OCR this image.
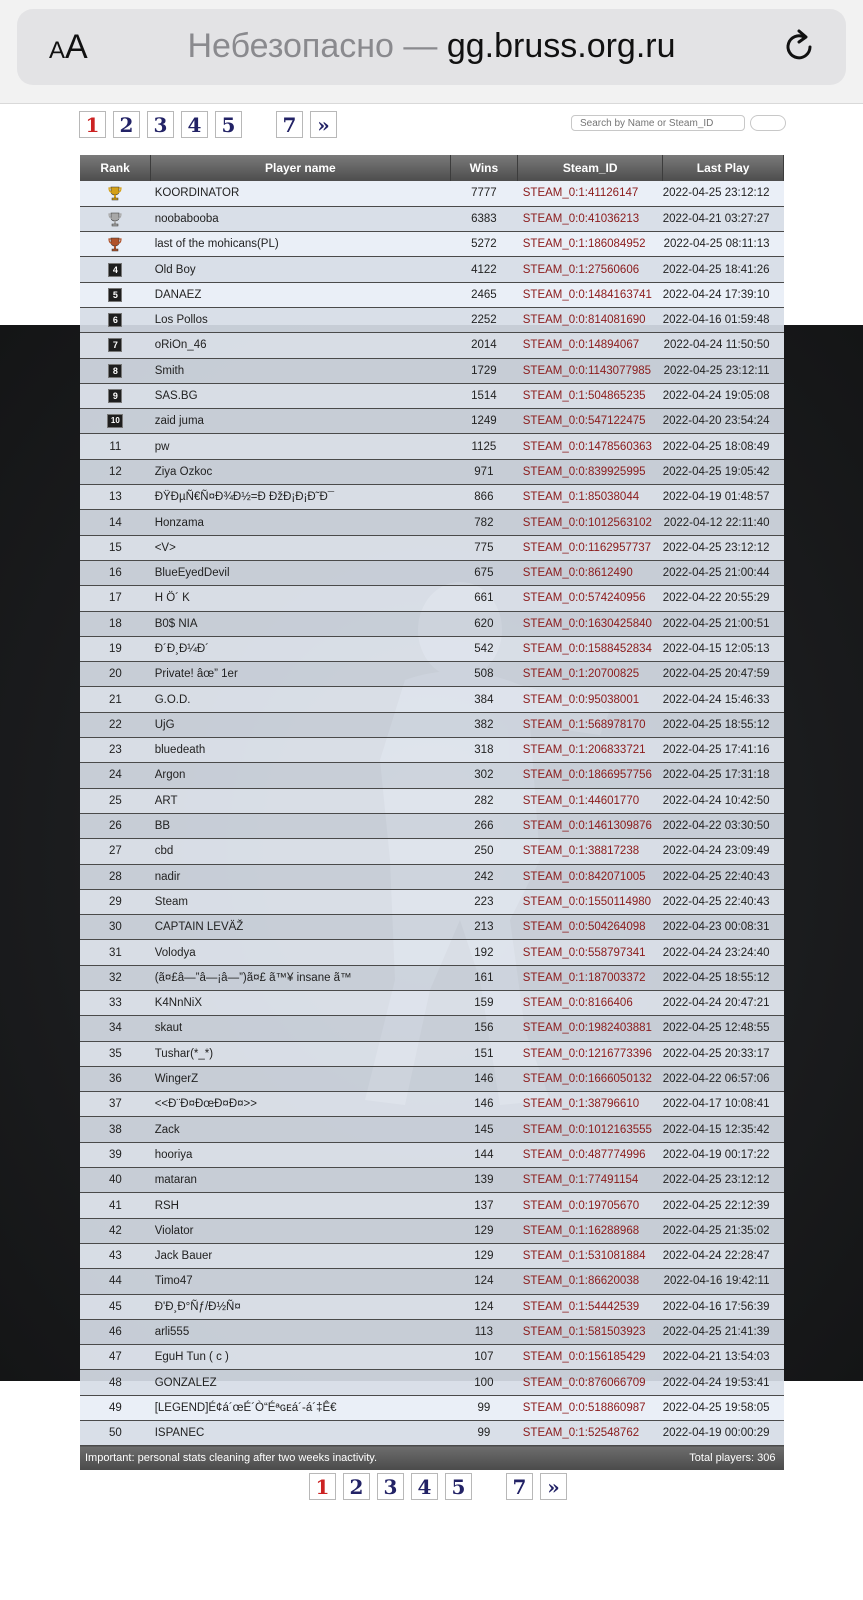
AA	Небезопасно — gg.bruss.org.ru
1	2	3	4	5	7	»
Search by Name or Steam_ID
Rank	Player name	Wins	Steam_ID	Last Play
	KOORDINATOR	7777	STEAM_0:1:41126147	2022-04-25 23:12:12
	noobabooba	6383	STEAM_0:0:41036213	2022-04-21 03:27:27
	last of the mohicans(PL)	5272	STEAM_0:1:186084952	2022-04-25 08:11:13
4	Old Boy	4122	STEAM_0:1:27560606	2022-04-25 18:41:26
5	DANAEZ	2465	STEAM_0:0:1484163741	2022-04-24 17:39:10
6	Los Pollos	2252	STEAM_0:0:814081690	2022-04-16 01:59:48
7	oRiOn_46	2014	STEAM_0:0:14894067	2022-04-24 11:50:50
8	Smith	1729	STEAM_0:0:1143077985	2022-04-25 23:12:11
9	SAS.BG	1514	STEAM_0:1:504865235	2022-04-24 19:05:08
10	zaid juma	1249	STEAM_0:0:547122475	2022-04-20 23:54:24
11	pw	1125	STEAM_0:0:1478560363	2022-04-25 18:08:49
12	Ziya Ozkoc	971	STEAM_0:0:839925995	2022-04-25 19:05:42
13	ÐŸÐµÑ€Ñ¤Ð¾Ð½=Ð ÐžÐ¡Ð¡Ð˜Ð¯	866	STEAM_0:1:85038044	2022-04-19 01:48:57
14	Honzama	782	STEAM_0:0:1012563102	2022-04-12 22:11:40
15	<V>	775	STEAM_0:0:1162957737	2022-04-25 23:12:12
16	BlueEyedDevil	675	STEAM_0:0:8612490	2022-04-25 21:00:44
17	H Ö´ K	661	STEAM_0:0:574240956	2022-04-22 20:55:29
18	B0$ NIA	620	STEAM_0:0:1630425840	2022-04-25 21:00:51
19	Ð´Ð¸Ð¼Ð´	542	STEAM_0:0:1588452834	2022-04-15 12:05:13
20	Private! âœ” 1er	508	STEAM_0:1:20700825	2022-04-25 20:47:59
21	G.O.D.	384	STEAM_0:0:95038001	2022-04-24 15:46:33
22	UjG	382	STEAM_0:1:568978170	2022-04-25 18:55:12
23	bluedeath	318	STEAM_0:1:206833721	2022-04-25 17:41:16
24	Argon	302	STEAM_0:0:1866957756	2022-04-25 17:31:18
25	ART	282	STEAM_0:1:44601770	2022-04-24 10:42:50
26	BB	266	STEAM_0:0:1461309876	2022-04-22 03:30:50
27	cbd	250	STEAM_0:1:38817238	2022-04-24 23:09:49
28	nadir	242	STEAM_0:0:842071005	2022-04-25 22:40:43
29	Steam	223	STEAM_0:0:1550114980	2022-04-25 22:40:43
30	CAPTAIN LEVÄŽ	213	STEAM_0:0:504264098	2022-04-23 00:08:31
31	Volodya	192	STEAM_0:0:558797341	2022-04-24 23:24:40
32	(ã¤£â—”â—¡â—”)ã¤£ ã™¥ insane ã™	161	STEAM_0:1:187003372	2022-04-25 18:55:12
33	K4NnNiX	159	STEAM_0:0:8166406	2022-04-24 20:47:21
34	skaut	156	STEAM_0:0:1982403881	2022-04-25 12:48:55
35	Tushar(*_*)	151	STEAM_0:0:1216773396	2022-04-25 20:33:17
36	WingerZ	146	STEAM_0:0:1666050132	2022-04-22 06:57:06
37	<<Ð¨Ð¤ÐœÐ¤Ð¤>>	146	STEAM_0:1:38796610	2022-04-17 10:08:41
38	Zack	145	STEAM_0:0:1012163555	2022-04-15 12:35:42
39	hooriya	144	STEAM_0:0:487774996	2022-04-19 00:17:22
40	mataran	139	STEAM_0:1:77491154	2022-04-25 23:12:12
41	RSH	137	STEAM_0:0:19705670	2022-04-25 22:12:39
42	Violator	129	STEAM_0:1:16288968	2022-04-25 21:35:02
43	Jack Bauer	129	STEAM_0:1:531081884	2022-04-24 22:28:47
44	Timo47	124	STEAM_0:1:86620038	2022-04-16 19:42:11
45	Ð'Ð¸Ð°Ñƒ/Ð½Ñ¤	124	STEAM_0:1:54442539	2022-04-16 17:56:39
46	arli555	113	STEAM_0:1:581503923	2022-04-25 21:41:39
47	EguH Tun ( c )	107	STEAM_0:0:156185429	2022-04-21 13:54:03
48	GONZALEZ	100	STEAM_0:0:876066709	2022-04-24 19:53:41
49	[LEGEND]É¢á´œÉ´Ò“Éªɢᴇá´-á´‡Ê€	99	STEAM_0:0:518860987	2022-04-25 19:58:05
50	ISPANEC	99	STEAM_0:1:52548762	2022-04-19 00:00:29
Important: personal stats cleaning after two weeks inactivity.			Total players: 306	
1	2	3	4	5	7	»
